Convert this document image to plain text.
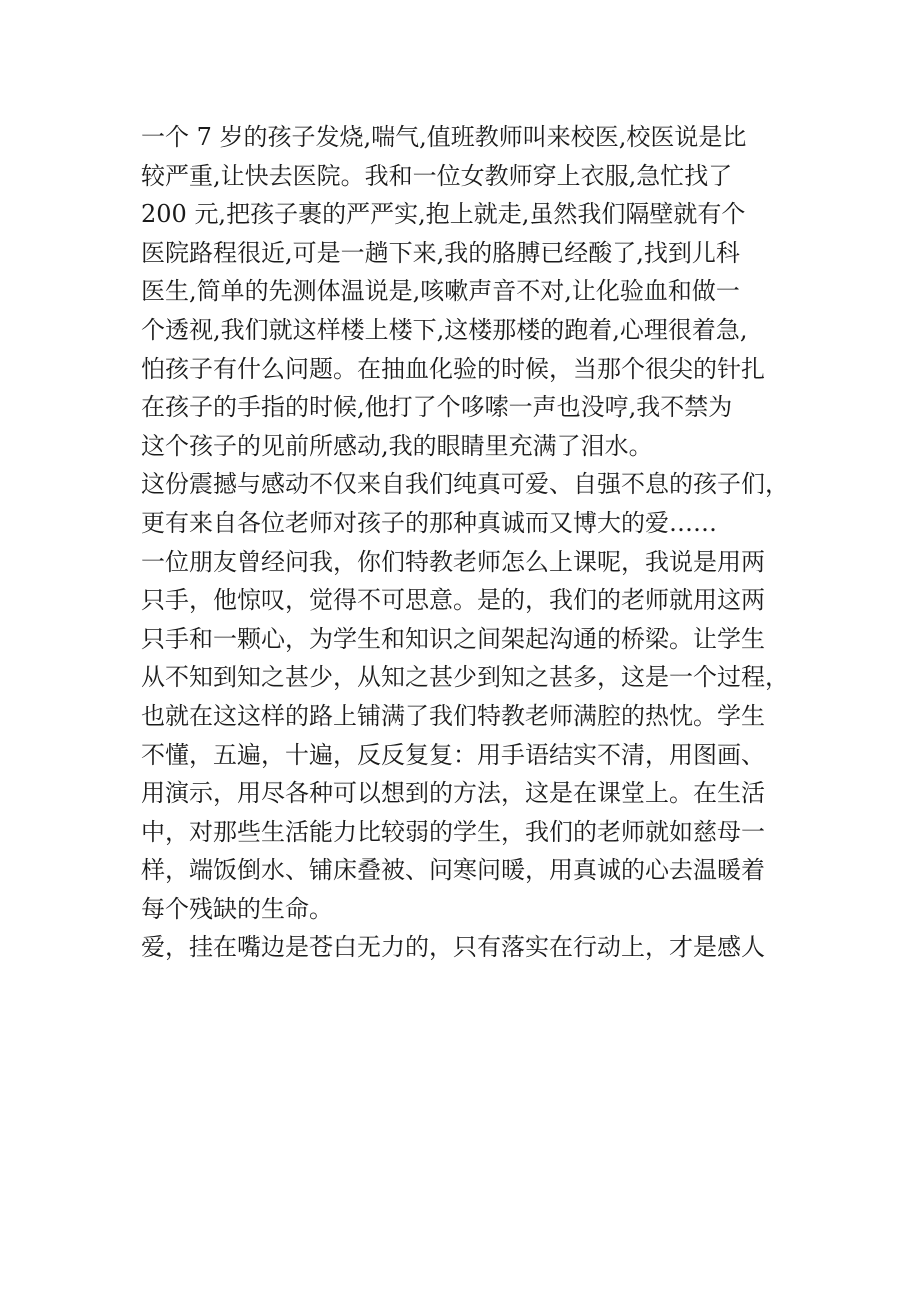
一个 7 岁的孩子发烧,喘气,值班教师叫来校医,校医说是比
较严重,让快去医院。我和一位女教师穿上衣服,急忙找了
200 元,把孩子裹的严严实,抱上就走,虽然我们隔壁就有个
医院路程很近,可是一趟下来,我的胳膊已经酸了,找到儿科
医生,简单的先测体温说是,咳嗽声音不对,让化验血和做一
个透视,我们就这样楼上楼下,这楼那楼的跑着,心理很着急,
怕孩子有什么问题。在抽血化验的时候，当那个很尖的针扎
在孩子的手指的时候,他打了个哆嗦一声也没哼,我不禁为
这个孩子的见前所感动,我的眼睛里充满了泪水。
这份震撼与感动不仅来自我们纯真可爱、自强不息的孩子们，
更有来自各位老师对孩子的那种真诚而又博大的爱……
一位朋友曾经问我，你们特教老师怎么上课呢，我说是用两
只手，他惊叹，觉得不可思意。是的，我们的老师就用这两
只手和一颗心，为学生和知识之间架起沟通的桥梁。让学生
从不知到知之甚少，从知之甚少到知之甚多，这是一个过程，
也就在这这样的路上铺满了我们特教老师满腔的热忱。学生
不懂，五遍，十遍，反反复复：用手语结实不清，用图画、
用演示，用尽各种可以想到的方法，这是在课堂上。在生活
中，对那些生活能力比较弱的学生，我们的老师就如慈母一
样，端饭倒水、铺床叠被、问寒问暖，用真诚的心去温暖着
每个残缺的生命。
爱，挂在嘴边是苍白无力的，只有落实在行动上，才是感人
